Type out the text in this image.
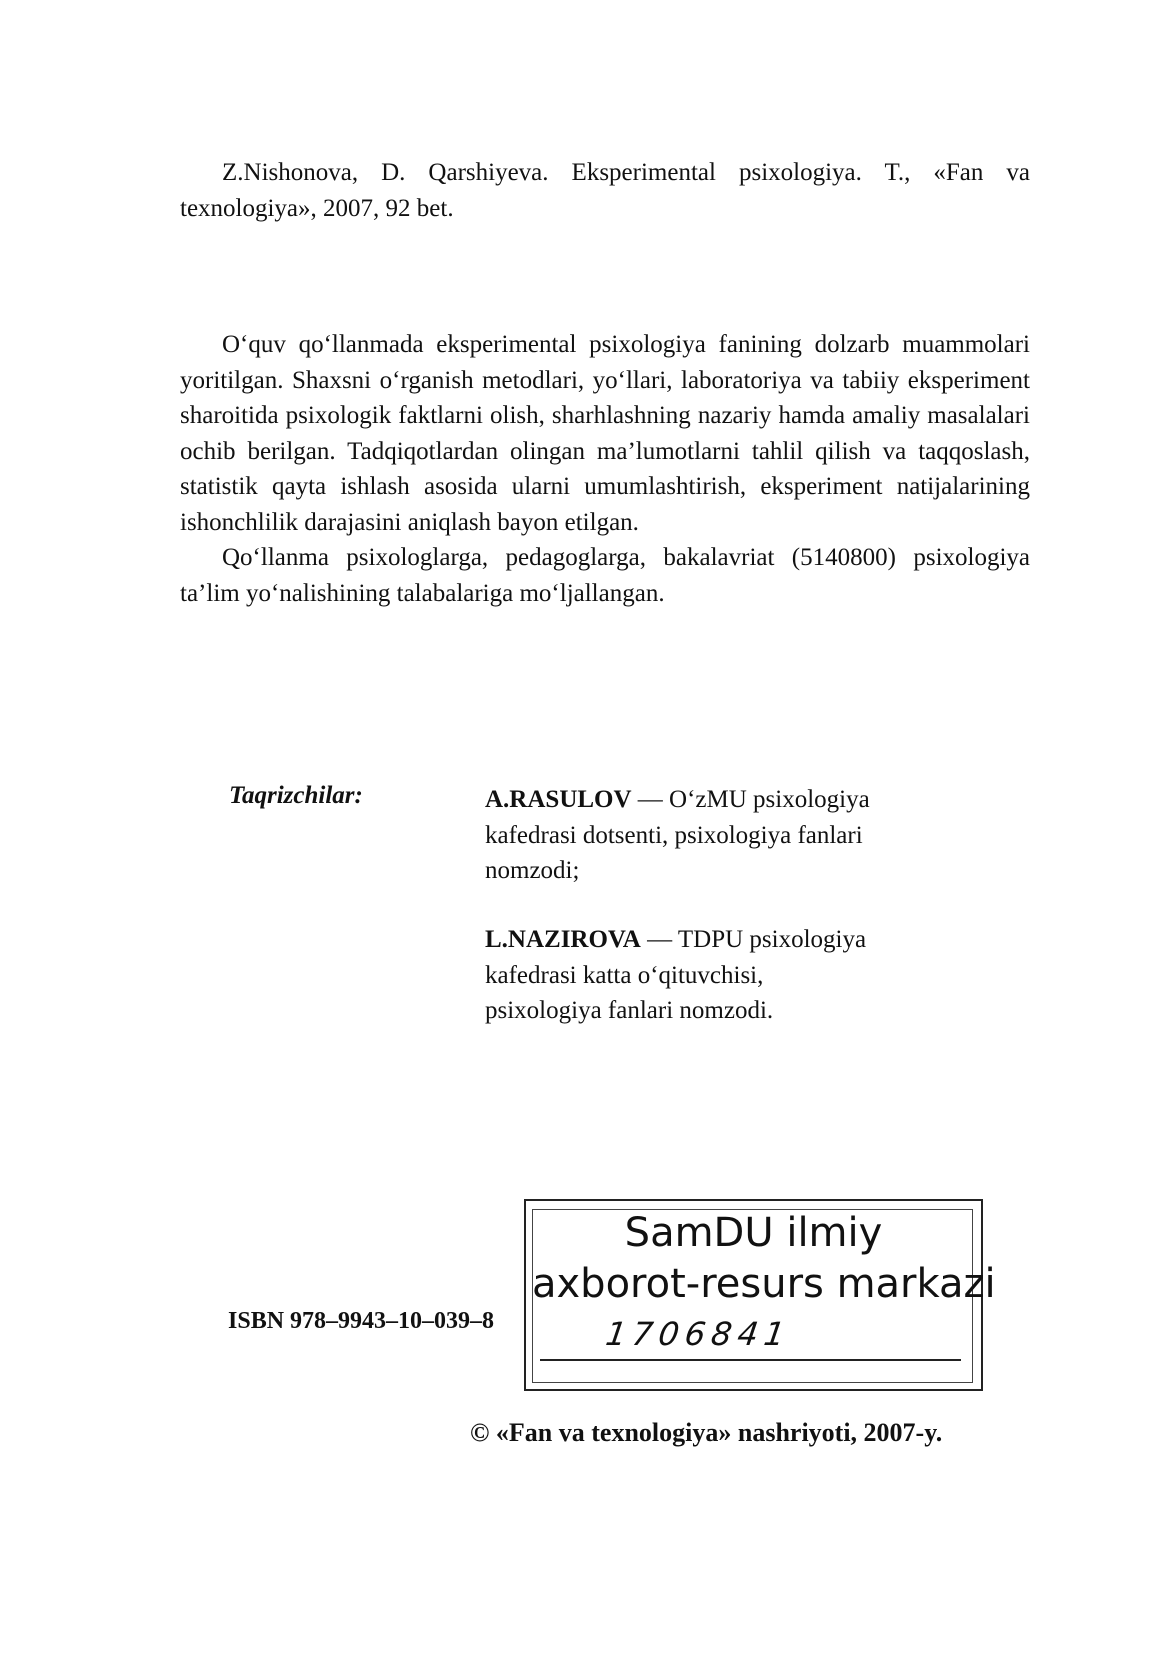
Z.Nishonova, D. Qarshiyeva. Eksperimental psixologiya. T., «Fan va texnologiya», 2007, 92 bet.

O‘quv qo‘llanmada eksperimental psixologiya fanining dolzarb muammolari yoritilgan. Shaxsni o‘rganish metodlari, yo‘llari, laboratoriya va tabiiy eksperiment sharoitida psixologik faktlarni olish, sharhlashning nazariy hamda amaliy masalalari ochib berilgan. Tadqiqotlardan olingan ma’lumotlarni tahlil qilish va taqqoslash, statistik qayta ishlash asosida ularni umumlashtirish, eksperiment natijalarining ishonchlilik darajasini aniqlash bayon etilgan.

Qo‘llanma psixologlarga, pedagoglarga, bakalavriat (5140800) psixologiya ta’lim yo‘nalishining talabalariga mo‘ljallangan.

Taqrizchilar:	A.RASULOV — O‘zMU psixologiya
kafedrasi dotsenti, psixologiya fanlari
nomzodi;
L.NAZIROVA — TDPU psixologiya
kafedrasi katta o‘qituvchisi,
psixologiya fanlari nomzodi.
ISBN 978–9943–10–039–8
SamDU ilmiy
axborot-resurs markazi
1706841
© «Fan va texnologiya» nashriyoti, 2007-y.
